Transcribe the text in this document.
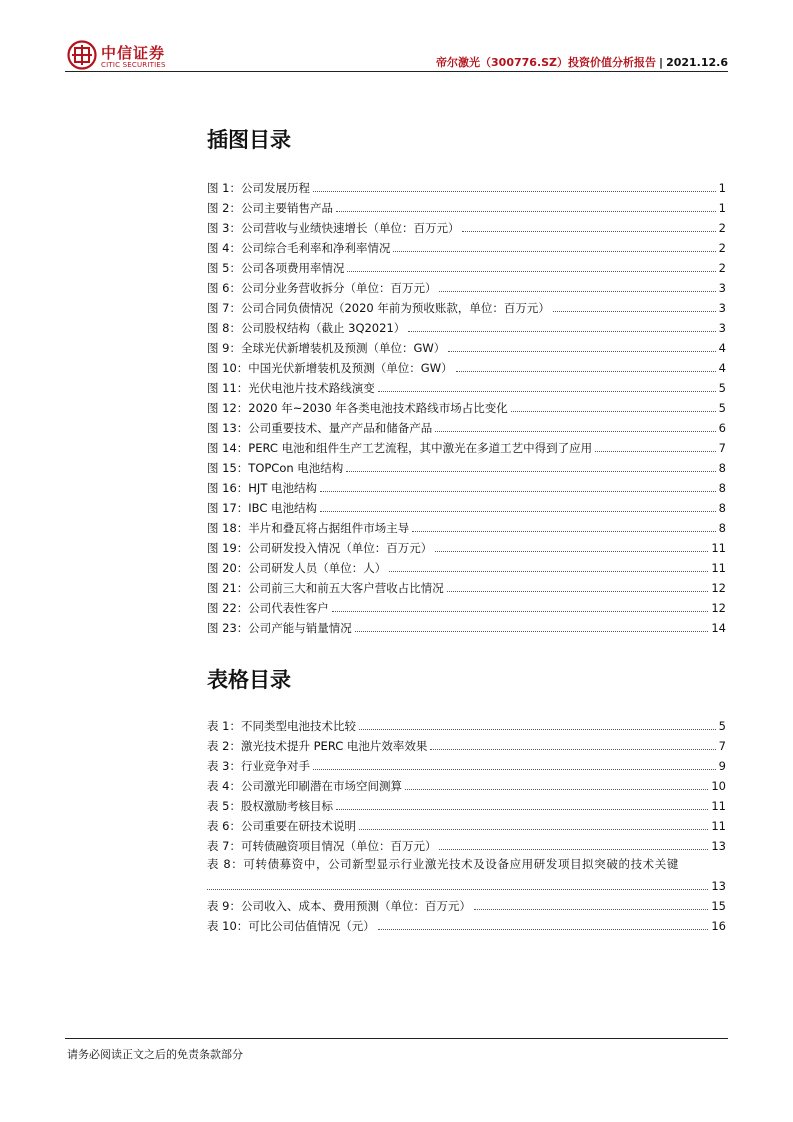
中信证券
CITIC SECURITIES	帝尔激光（300776.SZ）投资价值分析报告 | 2021.12.6
插图目录
图 1：公司发展历程	1
图 2：公司主要销售产品	1
图 3：公司营收与业绩快速增长（单位：百万元）	2
图 4：公司综合毛利率和净利率情况	2
图 5：公司各项费用率情况	2
图 6：公司分业务营收拆分（单位：百万元）	3
图 7：公司合同负债情况（2020 年前为预收账款，单位：百万元）	3
图 8：公司股权结构（截止 3Q2021）	3
图 9：全球光伏新增装机及预测（单位：GW）	4
图 10：中国光伏新增装机及预测（单位：GW）	4
图 11：光伏电池片技术路线演变	5
图 12：2020 年~2030 年各类电池技术路线市场占比变化	5
图 13：公司重要技术、量产产品和储备产品	6
图 14：PERC 电池和组件生产工艺流程，其中激光在多道工艺中得到了应用	7
图 15：TOPCon 电池结构	8
图 16：HJT 电池结构	8
图 17：IBC 电池结构	8
图 18：半片和叠瓦将占据组件市场主导	8
图 19：公司研发投入情况（单位：百万元）	11
图 20：公司研发人员（单位：人）	11
图 21：公司前三大和前五大客户营收占比情况	12
图 22：公司代表性客户	12
图 23：公司产能与销量情况	14
表格目录
表 1：不同类型电池技术比较	5
表 2：激光技术提升 PERC 电池片效率效果	7
表 3：行业竞争对手	9
表 4：公司激光印刷潜在市场空间测算	10
表 5：股权激励考核目标	11
表 6：公司重要在研技术说明	11
表 7：可转债融资项目情况（单位：百万元）	13
表 8：可转债募资中，公司新型显示行业激光技术及设备应用研发项目拟突破的技术关键
13
表 9：公司收入、成本、费用预测（单位：百万元）	15
表 10：可比公司估值情况（元）	16
请务必阅读正文之后的免责条款部分
